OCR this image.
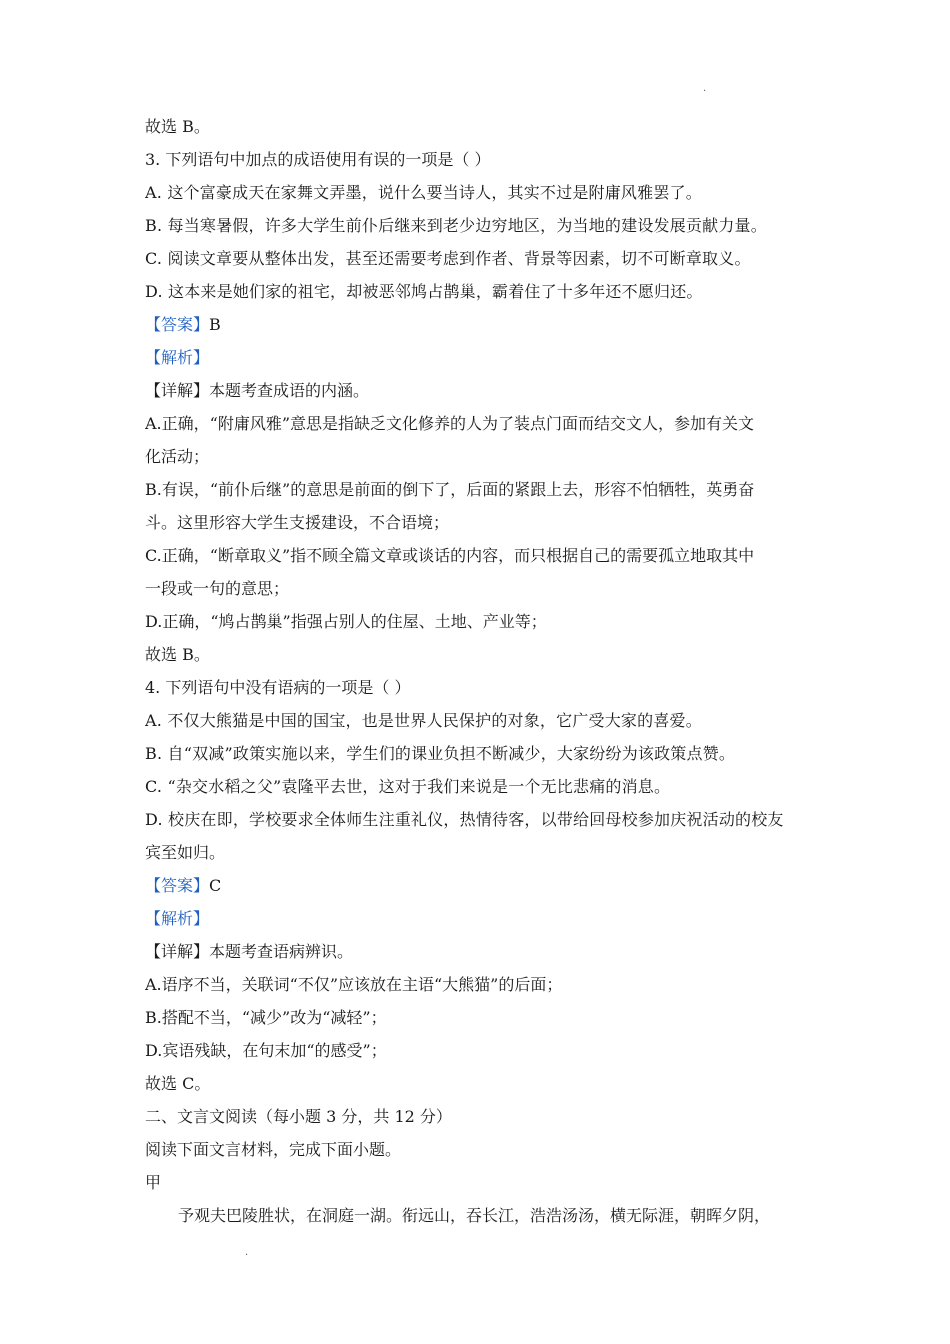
.
故选 B。
3. 下列语句中加点的成语使用有误的一项是（ ）
A. 这个富豪成天在家舞文弄墨，说什么要当诗人，其实不过是附庸风雅罢了。
B. 每当寒暑假，许多大学生前仆后继来到老少边穷地区，为当地的建设发展贡献力量。
C. 阅读文章要从整体出发，甚至还需要考虑到作者、背景等因素，切不可断章取义。
D. 这本来是她们家的祖宅，却被恶邻鸠占鹊巢，霸着住了十多年还不愿归还。
【答案】B
【解析】
【详解】本题考查成语的内涵。
A.正确，“附庸风雅”意思是指缺乏文化修养的人为了装点门面而结交文人，参加有关文
化活动；
B.有误，“前仆后继”的意思是前面的倒下了，后面的紧跟上去，形容不怕牺牲，英勇奋
斗。这里形容大学生支援建设，不合语境；
C.正确，“断章取义”指不顾全篇文章或谈话的内容，而只根据自己的需要孤立地取其中
一段或一句的意思；
D.正确，“鸠占鹊巢”指强占别人的住屋、土地、产业等；
故选 B。
4. 下列语句中没有语病的一项是（ ）
A. 不仅大熊猫是中国的国宝，也是世界人民保护的对象，它广受大家的喜爱。
B. 自“双减”政策实施以来，学生们的课业负担不断减少，大家纷纷为该政策点赞。
C. “杂交水稻之父”袁隆平去世，这对于我们来说是一个无比悲痛的消息。
D. 校庆在即，学校要求全体师生注重礼仪，热情待客，以带给回母校参加庆祝活动的校友
宾至如归。
【答案】C
【解析】
【详解】本题考查语病辨识。
A.语序不当，关联词“不仅”应该放在主语“大熊猫”的后面；
B.搭配不当，“减少”改为“减轻”；
D.宾语残缺，在句末加“的感受”；
故选 C。
二、文言文阅读（每小题 3 分，共 12 分）
阅读下面文言材料，完成下面小题。
甲
予观夫巴陵胜状，在洞庭一湖。衔远山，吞长江，浩浩汤汤，横无际涯，朝晖夕阴，
.
